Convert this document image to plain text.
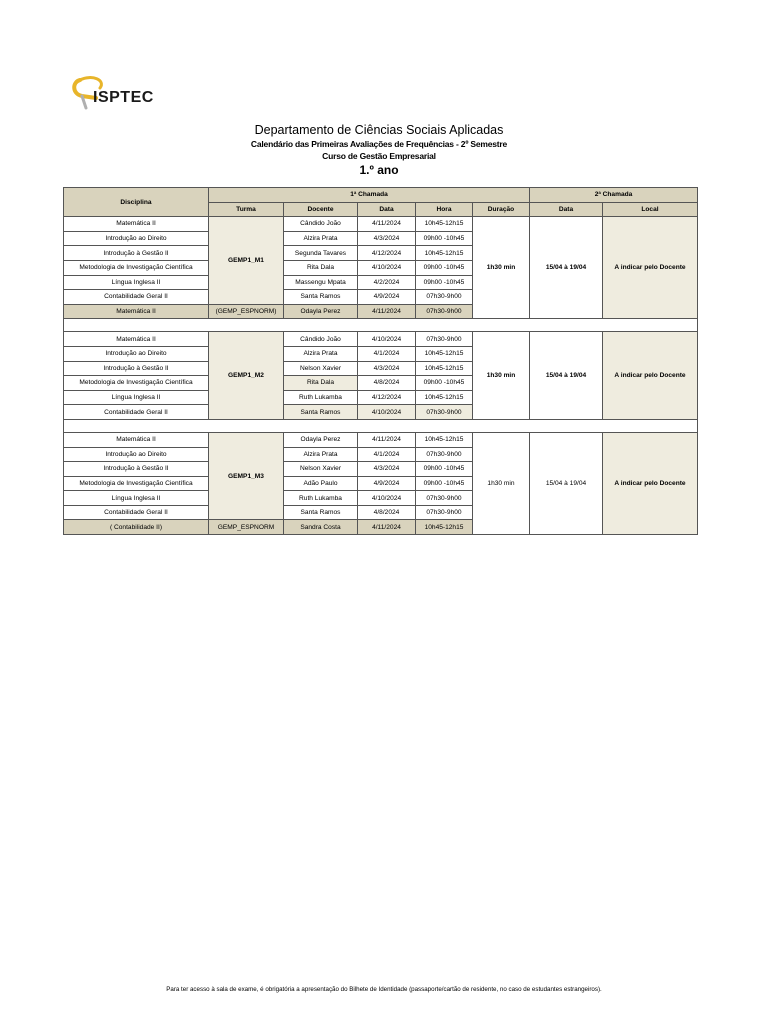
ISPTEC
Departamento de Ciências Sociais Aplicadas
Calendário das Primeiras Avaliações de Frequências - 2º Semestre
Curso de Gestão Empresarial
1.º ano
Disciplina	1ª Chamada					2ª Chamada	
	Turma	Docente	Data	Hora	Duração	Data	Local
Matemática II	GEMP1_M1	Cândido João	4/11/2024	10h45-12h15	1h30 min	15/04 à 19/04	A indicar pelo Docente
Introdução ao Direito		Alzira Prata	4/3/2024	09h00 -10h45			
Introdução à Gestão II		Segunda Tavares	4/12/2024	10h45-12h15			
Metodologia de Investigação Científica		Rita Dala	4/10/2024	09h00 -10h45			
Língua Inglesa II		Massengu Mpata	4/2/2024	09h00 -10h45			
Contabilidade Geral II		Santa Ramos	4/9/2024	07h30-9h00			
Matemática II	(GEMP_ESPNORM)	Odayla Perez	4/11/2024	07h30-9h00			

Matemática II	GEMP1_M2	Cândido João	4/10/2024	07h30-9h00	1h30 min	15/04 à 19/04	A indicar pelo Docente
Introdução ao Direito		Alzira Prata	4/1/2024	10h45-12h15			
Introdução à Gestão II		Nelson Xavier	4/3/2024	10h45-12h15			
Metodologia de Investigação Científica		Rita Dala	4/8/2024	09h00 -10h45			
Língua Inglesa II		Ruth Lukamba	4/12/2024	10h45-12h15			
Contabilidade Geral II		Santa Ramos	4/10/2024	07h30-9h00			

Matemática II	GEMP1_M3	Odayla Perez	4/11/2024	10h45-12h15	1h30 min	15/04 à 19/04	A indicar pelo Docente
Introdução ao Direito		Alzira Prata	4/1/2024	07h30-9h00			
Introdução à Gestão II		Nelson Xavier	4/3/2024	09h00 -10h45			
Metodologia de Investigação Científica		Adão Paulo	4/9/2024	09h00 -10h45			
Língua Inglesa II		Ruth Lukamba	4/10/2024	07h30-9h00			
Contabilidade Geral II		Santa Ramos	4/8/2024	07h30-9h00			
( Contabilidade II)	GEMP_ESPNORM	Sandra Costa	4/11/2024	10h45-12h15			
Para ter acesso à sala de exame, é obrigatória a apresentação do Bilhete de Identidade (passaporte/cartão de residente, no caso de estudantes estrangeiros).
